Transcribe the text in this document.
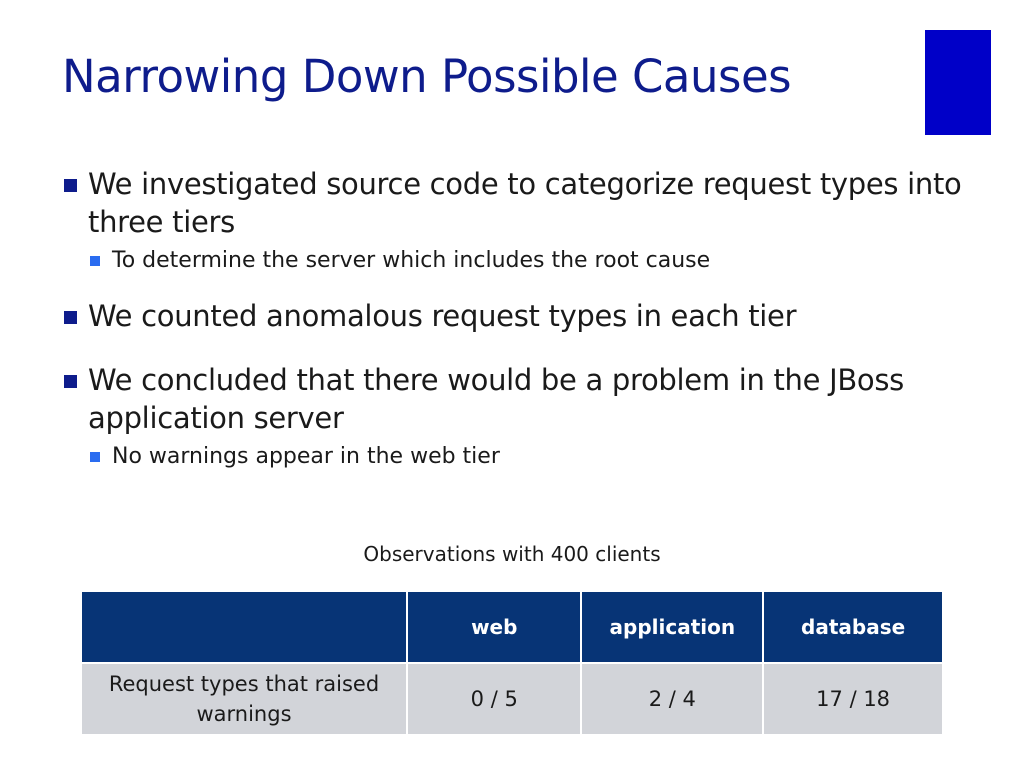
Narrowing Down Possible Causes
We investigated source code to categorize request types into three tiers
To determine the server which includes the root cause
We counted anomalous request types in each tier
We concluded that there would be a problem in the JBoss application server
No warnings appear in the web tier
Observations with 400 clients
	web	application	database
Request types that raised warnings	0 / 5	2 / 4	17 / 18
